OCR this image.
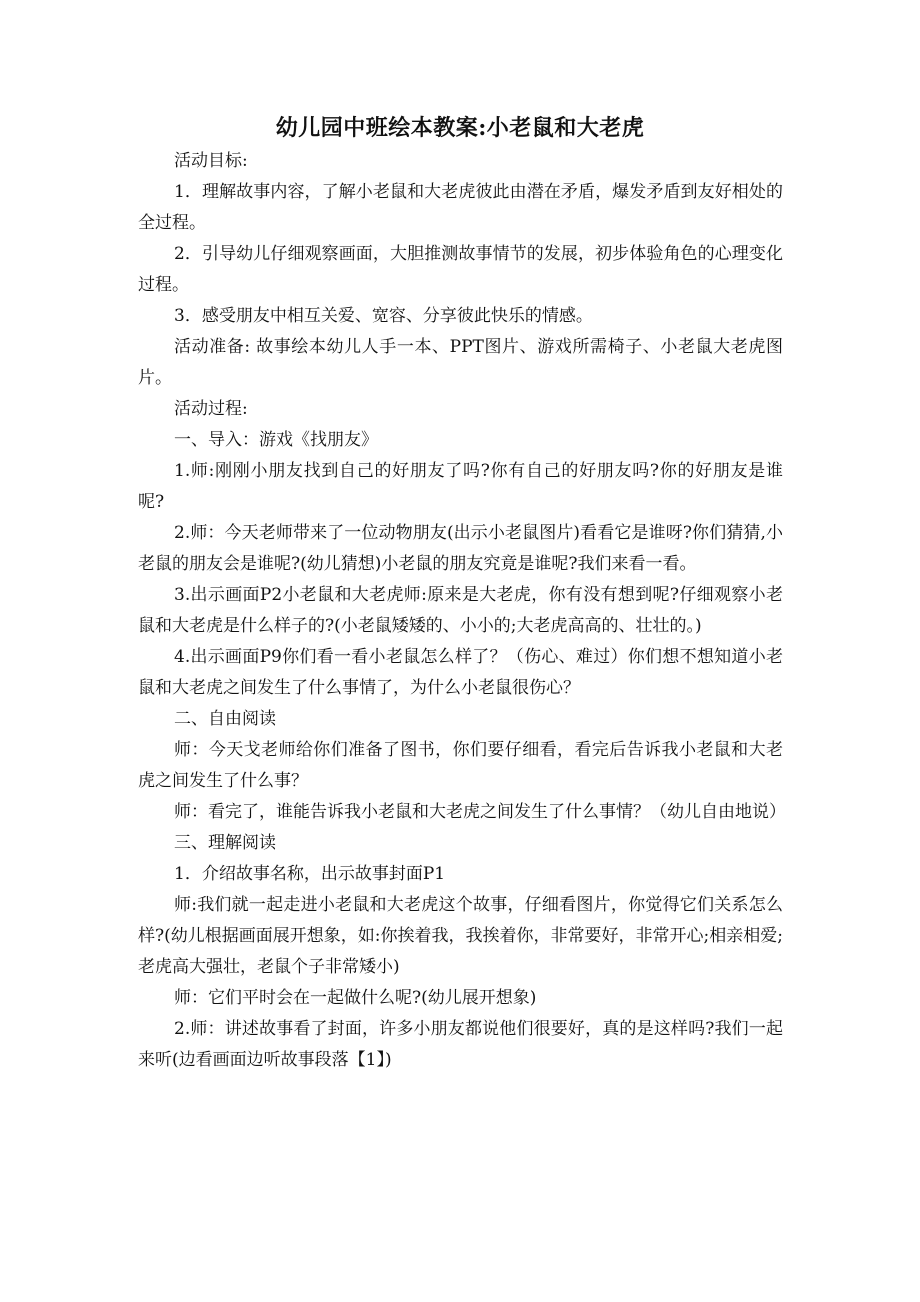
幼儿园中班绘本教案:小老鼠和大老虎

活动目标:

1．理解故事内容，了解小老鼠和大老虎彼此由潜在矛盾，爆发矛盾到友好相处的全过程。

2．引导幼儿仔细观察画面，大胆推测故事情节的发展，初步体验角色的心理变化过程。

3．感受朋友中相互关爱、宽容、分享彼此快乐的情感。

活动准备: 故事绘本幼儿人手一本、PPT图片、游戏所需椅子、小老鼠大老虎图片。

活动过程:

一、导入：游戏《找朋友》

1.师:刚刚小朋友找到自己的好朋友了吗?你有自己的好朋友吗?你的好朋友是谁呢?

2.师：今天老师带来了一位动物朋友(出示小老鼠图片)看看它是谁呀?你们猜猜,小老鼠的朋友会是谁呢?(幼儿猜想)小老鼠的朋友究竟是谁呢?我们来看一看。

3.出示画面P2小老鼠和大老虎师:原来是大老虎，你有没有想到呢?仔细观察小老鼠和大老虎是什么样子的?(小老鼠矮矮的、小小的;大老虎高高的、壮壮的。)

4.出示画面P9你们看一看小老鼠怎么样了？（伤心、难过）你们想不想知道小老鼠和大老虎之间发生了什么事情了，为什么小老鼠很伤心？

二、自由阅读

师：今天戈老师给你们准备了图书，你们要仔细看，看完后告诉我小老鼠和大老虎之间发生了什么事？

师：看完了，谁能告诉我小老鼠和大老虎之间发生了什么事情？（幼儿自由地说）

三、理解阅读

1．介绍故事名称，出示故事封面P1

师:我们就一起走进小老鼠和大老虎这个故事，仔细看图片，你觉得它们关系怎么样?(幼儿根据画面展开想象，如:你挨着我，我挨着你，非常要好，非常开心;相亲相爱;老虎高大强壮，老鼠个子非常矮小)

师：它们平时会在一起做什么呢?(幼儿展开想象)

2.师：讲述故事看了封面，许多小朋友都说他们很要好，真的是这样吗?我们一起来听(边看画面边听故事段落【1】)
